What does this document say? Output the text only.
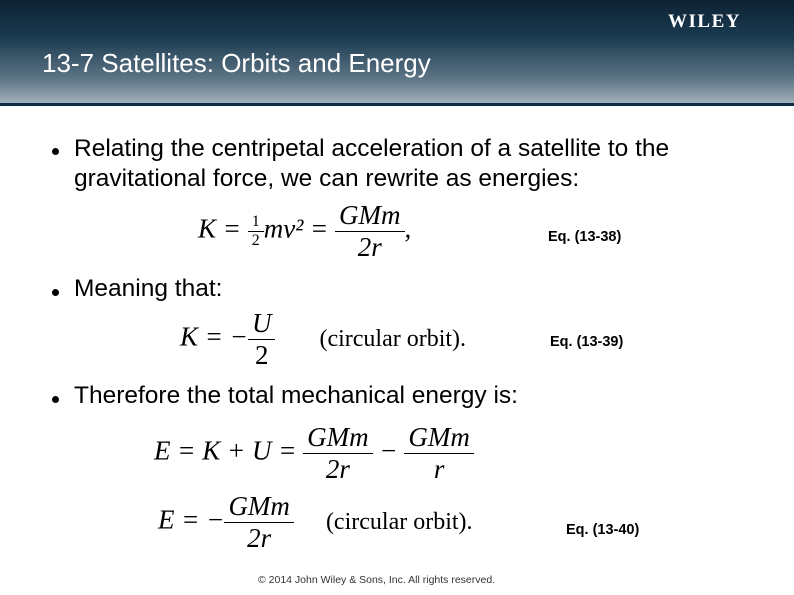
WILEY
13-7 Satellites: Orbits and Energy
Relating the centripetal acceleration of a satellite to the gravitational force, we can rewrite as energies:
$K = \frac{1}{2} mv^2 = \frac{\text{GMm}}{2r}$ ,	Eq. (13-38)
Meaning that:
K = − $\frac{U}{2}$ (circular orbit).	Eq. (13-39)
Therefore the total mechanical energy is:
$E = K + U = \frac{\text{GMm}}{2r} - \frac{\text{GMm}}{r}$
E = − $\frac{\text{GMm}}{2r}$ (circular orbit).	Eq. (13-40)
© 2014 John Wiley & Sons, Inc. All rights reserved.
